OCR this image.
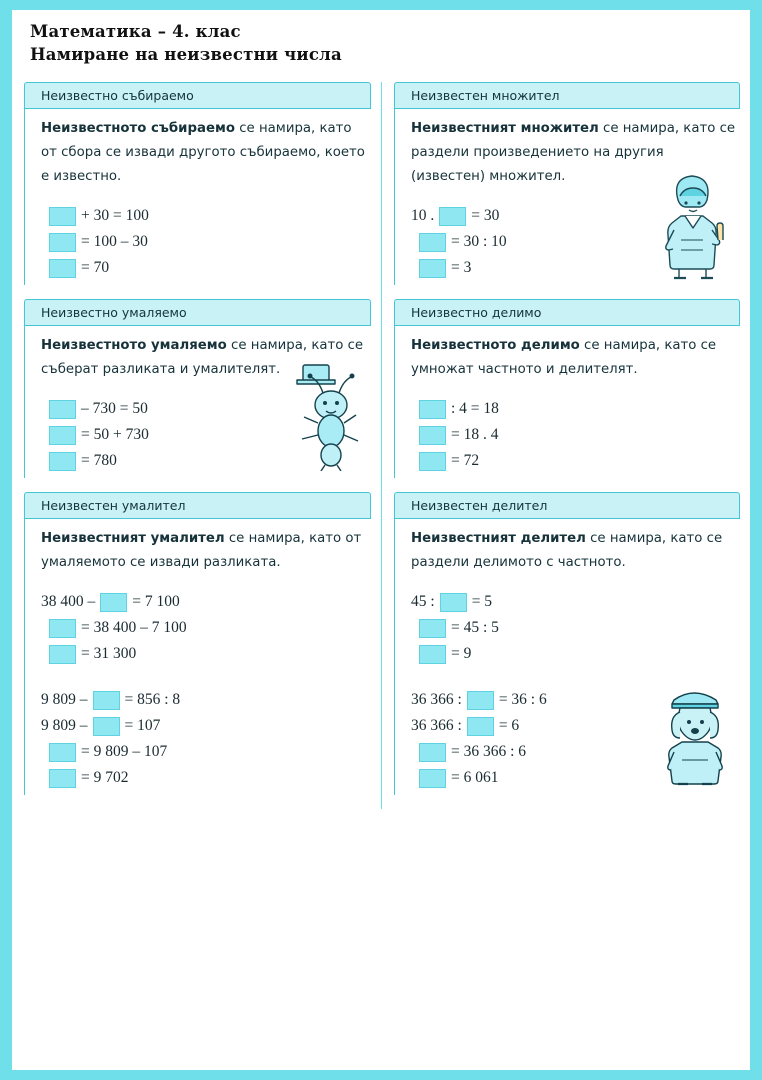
Математика – 4. клас
Намиране на неизвестни числа
Неизвестно събираемо
Неизвестното събираемо се намира, като от сбора се извади другото събираемо, което е известно.
+ 30 = 100
= 100 – 30
= 70
Неизвестно умаляемо
Неизвестното умаляемо се намира, като се съберат разликата и умалителят.
– 730 = 50
= 50 + 730
= 780
Неизвестен умалител
Неизвестният умалител се намира, като от умаляемото се извади разликата.
38 400 – = 7 100
= 38 400 – 7 100
= 31 300
9 809 – = 856 : 8
9 809 – = 107
= 9 809 – 107
= 9 702
Неизвестен множител
Неизвестният множител се намира, като се раздели произведението на другия (известен) множител.
10 . = 30
= 30 : 10
= 3
Неизвестно делимо
Неизвестното делимо се намира, като се умножат частното и делителят.
: 4 = 18
= 18 . 4
= 72
Неизвестен делител
Неизвестният делител се намира, като се раздели делимото с частното.
45 : = 5
= 45 : 5
= 9
36 366 : = 36 : 6
36 366 : = 6
= 36 366 : 6
= 6 061
